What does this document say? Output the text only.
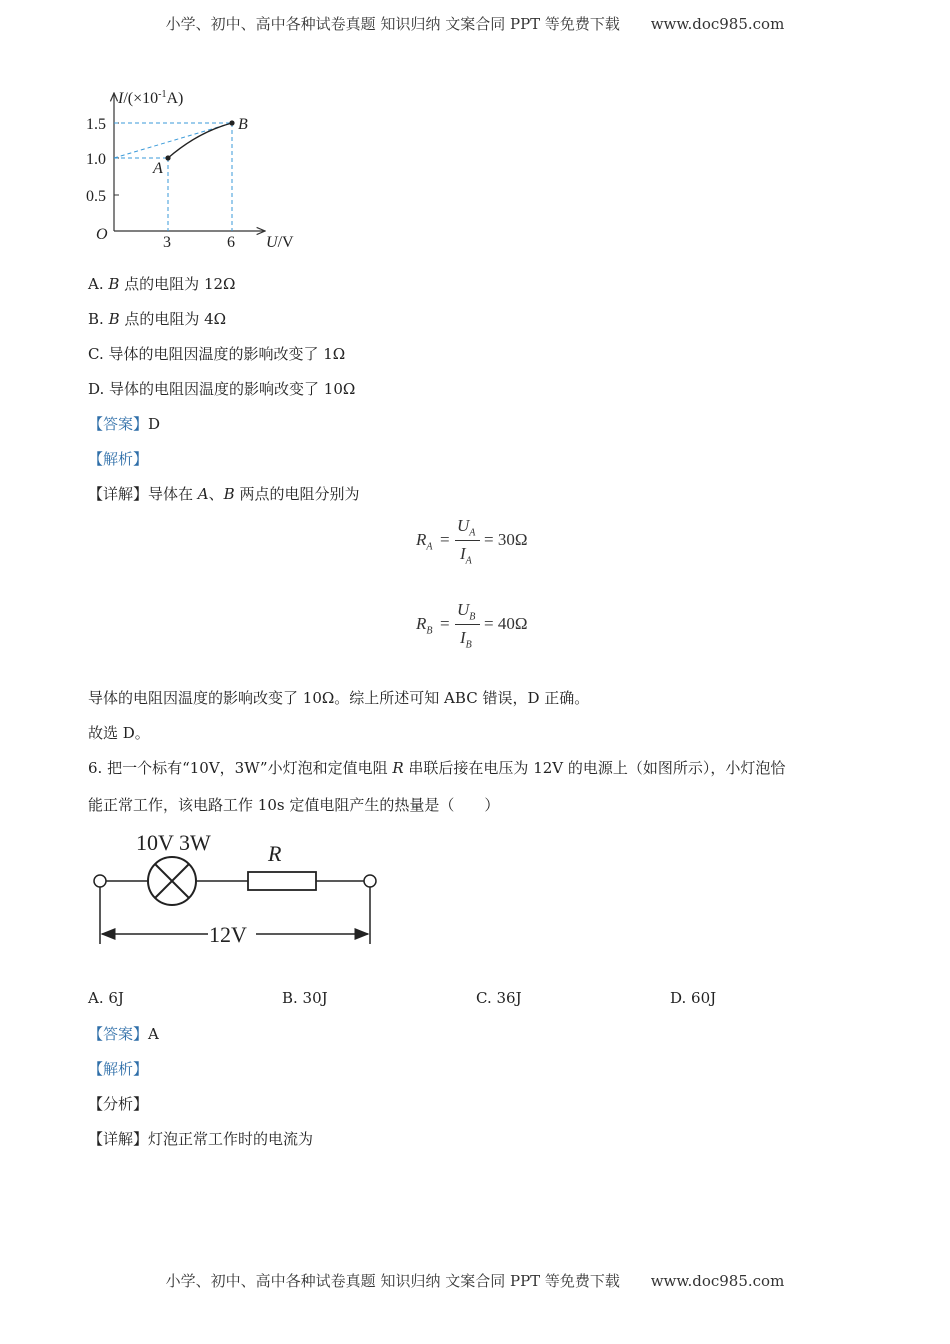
小学、初中、高中各种试卷真题 知识归纳 文案合同 PPT 等免费下载 www.doc985.com
$I/(\times 10^{-1}A)$
1.5
1.0
0.5
O	3	6 U/V
A
B
A. B 点的电阻为 12Ω
B. B 点的电阻为 4Ω
C. 导体的电阻因温度的影响改变了 1Ω
D. 导体的电阻因温度的影响改变了 10Ω
【答案】D
【解析】
【详解】导体在 A、B 两点的电阻分别为
$R_A$ =
$U_A$
$I_A$
= 30Ω
$R_B$ =
$U_B$
$I_B$
= 40Ω
导体的电阻因温度的影响改变了 10Ω。综上所述可知 ABC 错误，D 正确。
故选 D。
6. 把一个标有“10V，3W”小灯泡和定值电阻 R 串联后接在电压为 12V 的电源上（如图所示），小灯泡恰
能正常工作，该电路工作 10s 定值电阻产生的热量是（　　）
10V 3W	R
12V
A. 6J	B. 30J	C. 36J	D. 60J
【答案】A
【解析】
【分析】
【详解】灯泡正常工作时的电流为
小学、初中、高中各种试卷真题 知识归纳 文案合同 PPT 等免费下载 www.doc985.com
